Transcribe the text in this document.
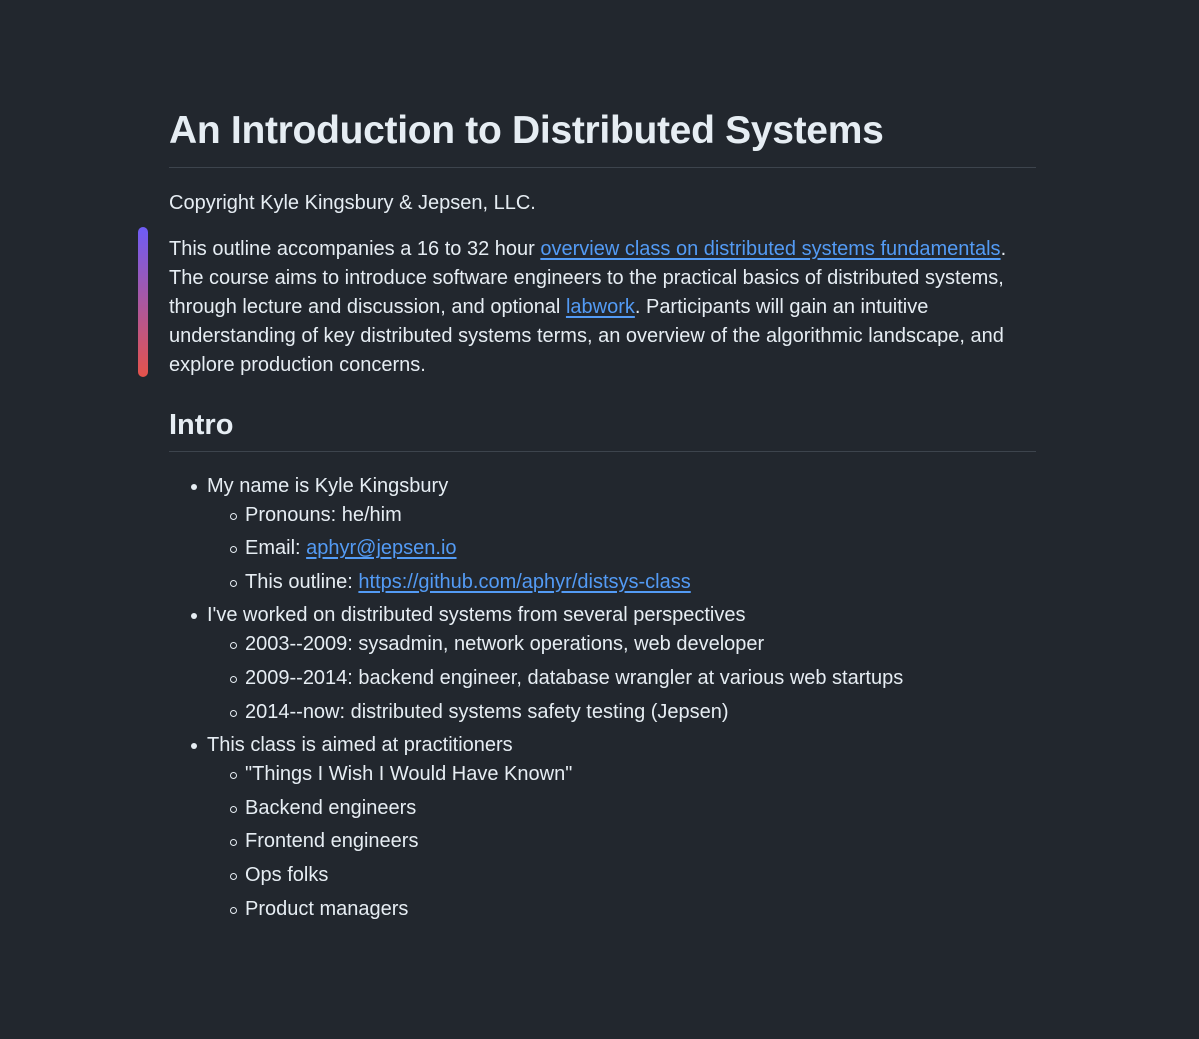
An Introduction to Distributed Systems

Copyright Kyle Kingsbury & Jepsen, LLC.

This outline accompanies a 16 to 32 hour overview class on distributed systems fundamentals. The course aims to introduce software engineers to the practical basics of distributed systems, through lecture and discussion, and optional labwork. Participants will gain an intuitive understanding of key distributed systems terms, an overview of the algorithmic landscape, and explore production concerns.

Intro
My name is Kyle Kingsbury
Pronouns: he/him
Email: aphyr@jepsen.io
This outline: https://github.com/aphyr/distsys-class
I've worked on distributed systems from several perspectives
2003--2009: sysadmin, network operations, web developer
2009--2014: backend engineer, database wrangler at various web startups
2014--now: distributed systems safety testing (Jepsen)
This class is aimed at practitioners
"Things I Wish I Would Have Known"
Backend engineers
Frontend engineers
Ops folks
Product managers
